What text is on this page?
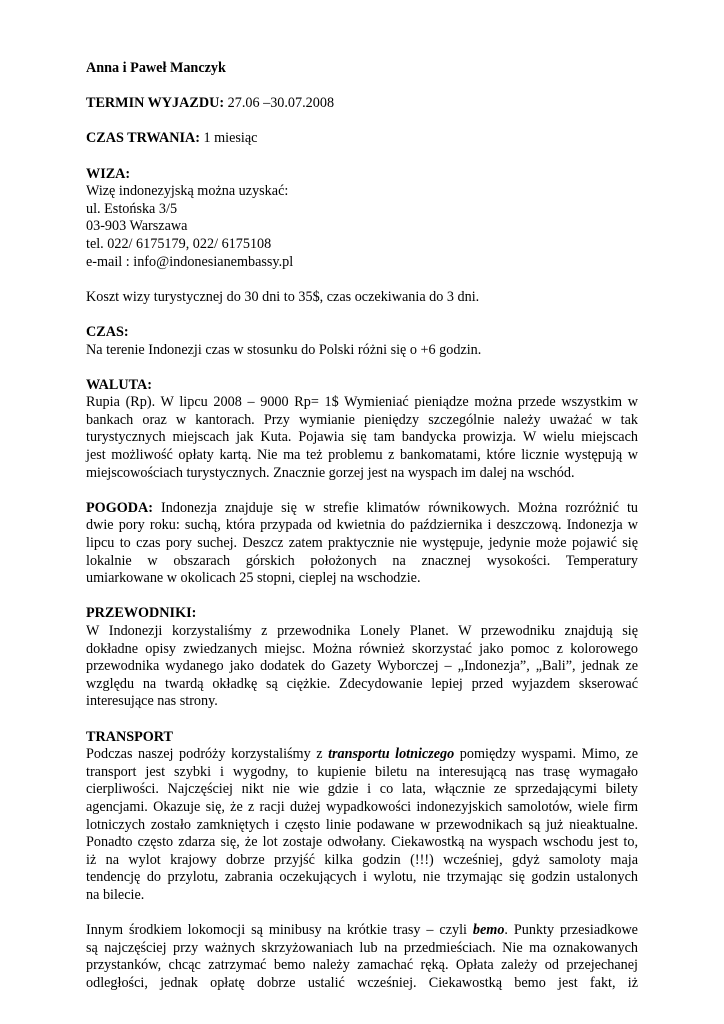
Anna i Paweł Manczyk
TERMIN WYJAZDU: 27.06 –30.07.2008
CZAS TRWANIA: 1 miesiąc
WIZA:
Wizę indonezyjską można uzyskać:
ul. Estońska 3/5
03-903 Warszawa
tel. 022/ 6175179, 022/ 6175108
e-mail : info@indonesianembassy.pl
Koszt wizy turystycznej do 30 dni to 35$, czas oczekiwania do 3 dni.
CZAS:
Na terenie Indonezji czas w stosunku do Polski różni się o +6 godzin.
WALUTA:
Rupia (Rp). W lipcu 2008 – 9000 Rp= 1$ Wymieniać pieniądze można przede wszystkim w
bankach oraz w kantorach. Przy wymianie pieniędzy szczególnie należy uważać w tak
turystycznych miejscach jak Kuta. Pojawia się tam bandycka prowizja. W wielu miejscach
jest możliwość opłaty kartą. Nie ma też problemu z bankomatami, które licznie występują w
miejscowościach turystycznych. Znacznie gorzej jest na wyspach im dalej na wschód.
POGODA: Indonezja znajduje się w strefie klimatów równikowych. Można rozróżnić tu
dwie pory roku: suchą, która przypada od kwietnia do października i deszczową. Indonezja w
lipcu to czas pory suchej. Deszcz zatem praktycznie nie występuje, jedynie może pojawić się
lokalnie w obszarach górskich położonych na znacznej wysokości. Temperatury
umiarkowane w okolicach 25 stopni, cieplej na wschodzie.
PRZEWODNIKI:
W Indonezji korzystaliśmy z przewodnika Lonely Planet. W przewodniku znajdują się
dokładne opisy zwiedzanych miejsc. Można również skorzystać jako pomoc z kolorowego
przewodnika wydanego jako dodatek do Gazety Wyborczej – „Indonezja”, „Bali”, jednak ze
względu na twardą okładkę są ciężkie. Zdecydowanie lepiej przed wyjazdem skserować
interesujące nas strony.
TRANSPORT
Podczas naszej podróży korzystaliśmy z transportu lotniczego pomiędzy wyspami. Mimo, ze
transport jest szybki i wygodny, to kupienie biletu na interesującą nas trasę wymagało
cierpliwości. Najczęściej nikt nie wie gdzie i co lata, włącznie ze sprzedającymi bilety
agencjami. Okazuje się, że z racji dużej wypadkowości indonezyjskich samolotów, wiele firm
lotniczych zostało zamkniętych i często linie podawane w przewodnikach są już nieaktualne.
Ponadto często zdarza się, że lot zostaje odwołany. Ciekawostką na wyspach wschodu jest to,
iż na wylot krajowy dobrze przyjść kilka godzin (!!!) wcześniej, gdyż samoloty maja
tendencję do przylotu, zabrania oczekujących i wylotu, nie trzymając się godzin ustalonych
na bilecie.
Innym środkiem lokomocji są minibusy na krótkie trasy – czyli bemo. Punkty przesiadkowe
są najczęściej przy ważnych skrzyżowaniach lub na przedmieściach. Nie ma oznakowanych
przystanków, chcąc zatrzymać bemo należy zamachać ręką. Opłata zależy od przejechanej
odległości, jednak opłatę dobrze ustalić wcześniej. Ciekawostką bemo jest fakt, iż
